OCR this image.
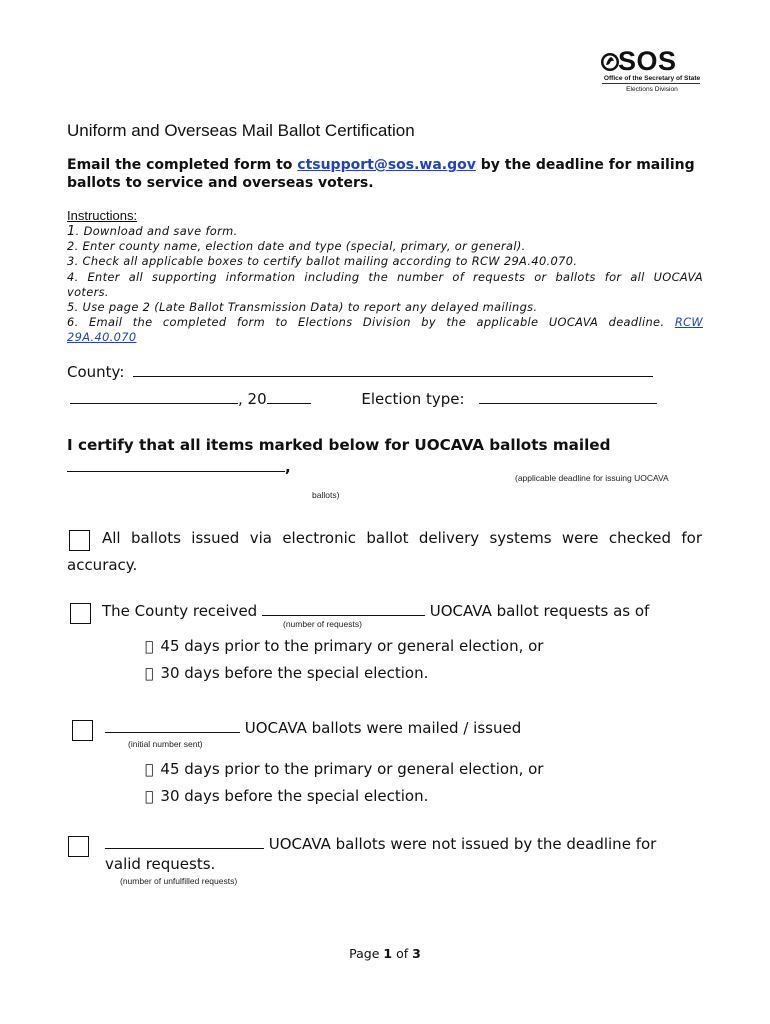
SOS
Office of the Secretary of State
Elections Division
Uniform and Overseas Mail Ballot Certification
Email the completed form to ctsupport@sos.wa.gov by the deadline for mailing ballots to service and overseas voters.
Instructions:
1. Download and save form.
2. Enter county name, election date and type (special, primary, or general).
3. Check all applicable boxes to certify ballot mailing according to RCW 29A.40.070.
4. Enter all supporting information including the number of requests or ballots for all UOCAVA
voters.
5. Use page 2 (Late Ballot Transmission Data) to report any delayed mailings.
6. Email the completed form to Elections Division by the applicable UOCAVA deadline. RCW
29A.40.070
County:
, 20	Election type:
I certify that all items marked below for UOCAVA ballots mailed
,
(applicable deadline for issuing UOCAVA
ballots)
All ballots issued via electronic ballot delivery systems were checked for
accuracy.
The County received	UOCAVA ballot requests as of
(number of requests)
45 days prior to the primary or general election, or
30 days before the special election.
UOCAVA ballots were mailed / issued
(initial number sent)
45 days prior to the primary or general election, or
30 days before the special election.
UOCAVA ballots were not issued by the deadline for
valid requests.
(number of unfulfilled requests)
Page 1 of 3
